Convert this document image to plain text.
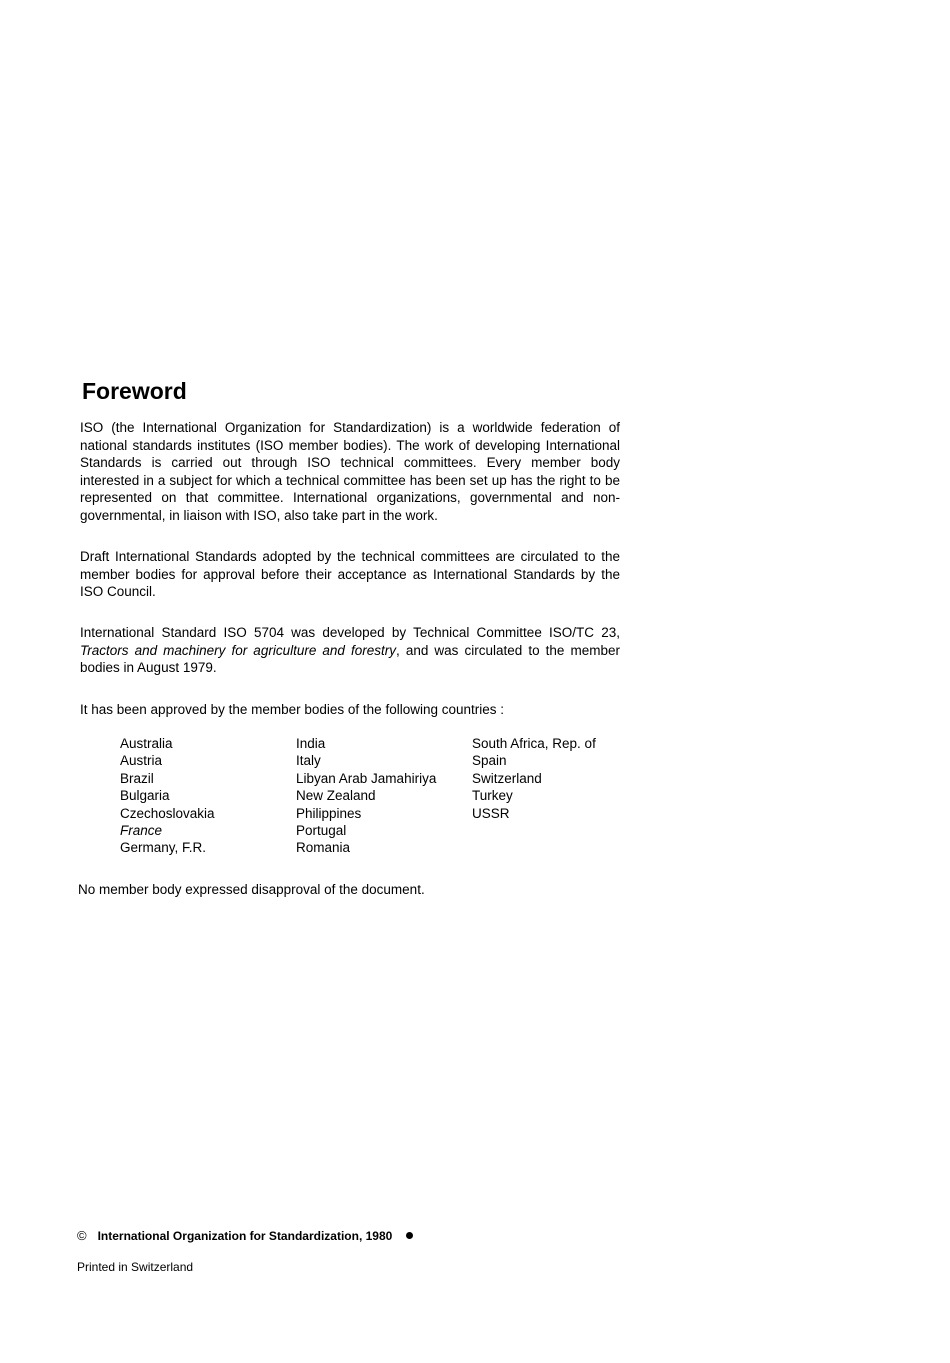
Foreword

ISO (the International Organization for Standardization) is a worldwide federation of national standards institutes (ISO member bodies). The work of developing International Standards is carried out through ISO technical committees. Every member body interested in a subject for which a technical committee has been set up has the right to be represented on that committee. International organizations, governmental and non-governmental, in liaison with ISO, also take part in the work.

Draft International Standards adopted by the technical committees are circulated to the member bodies for approval before their acceptance as International Standards by the ISO Council.

International Standard ISO 5704 was developed by Technical Committee ISO/TC 23, Tractors and machinery for agriculture and forestry, and was circulated to the member bodies in August 1979.

It has been approved by the member bodies of the following countries :

Australia
Austria
Brazil
Bulgaria
Czechoslovakia
France
Germany, F.R.
India
Italy
Libyan Arab Jamahiriya
New Zealand
Philippines
Portugal
Romania
South Africa, Rep. of
Spain
Switzerland
Turkey
USSR

No member body expressed disapproval of the document.

© International Organization for Standardization, 1980
Printed in Switzerland
